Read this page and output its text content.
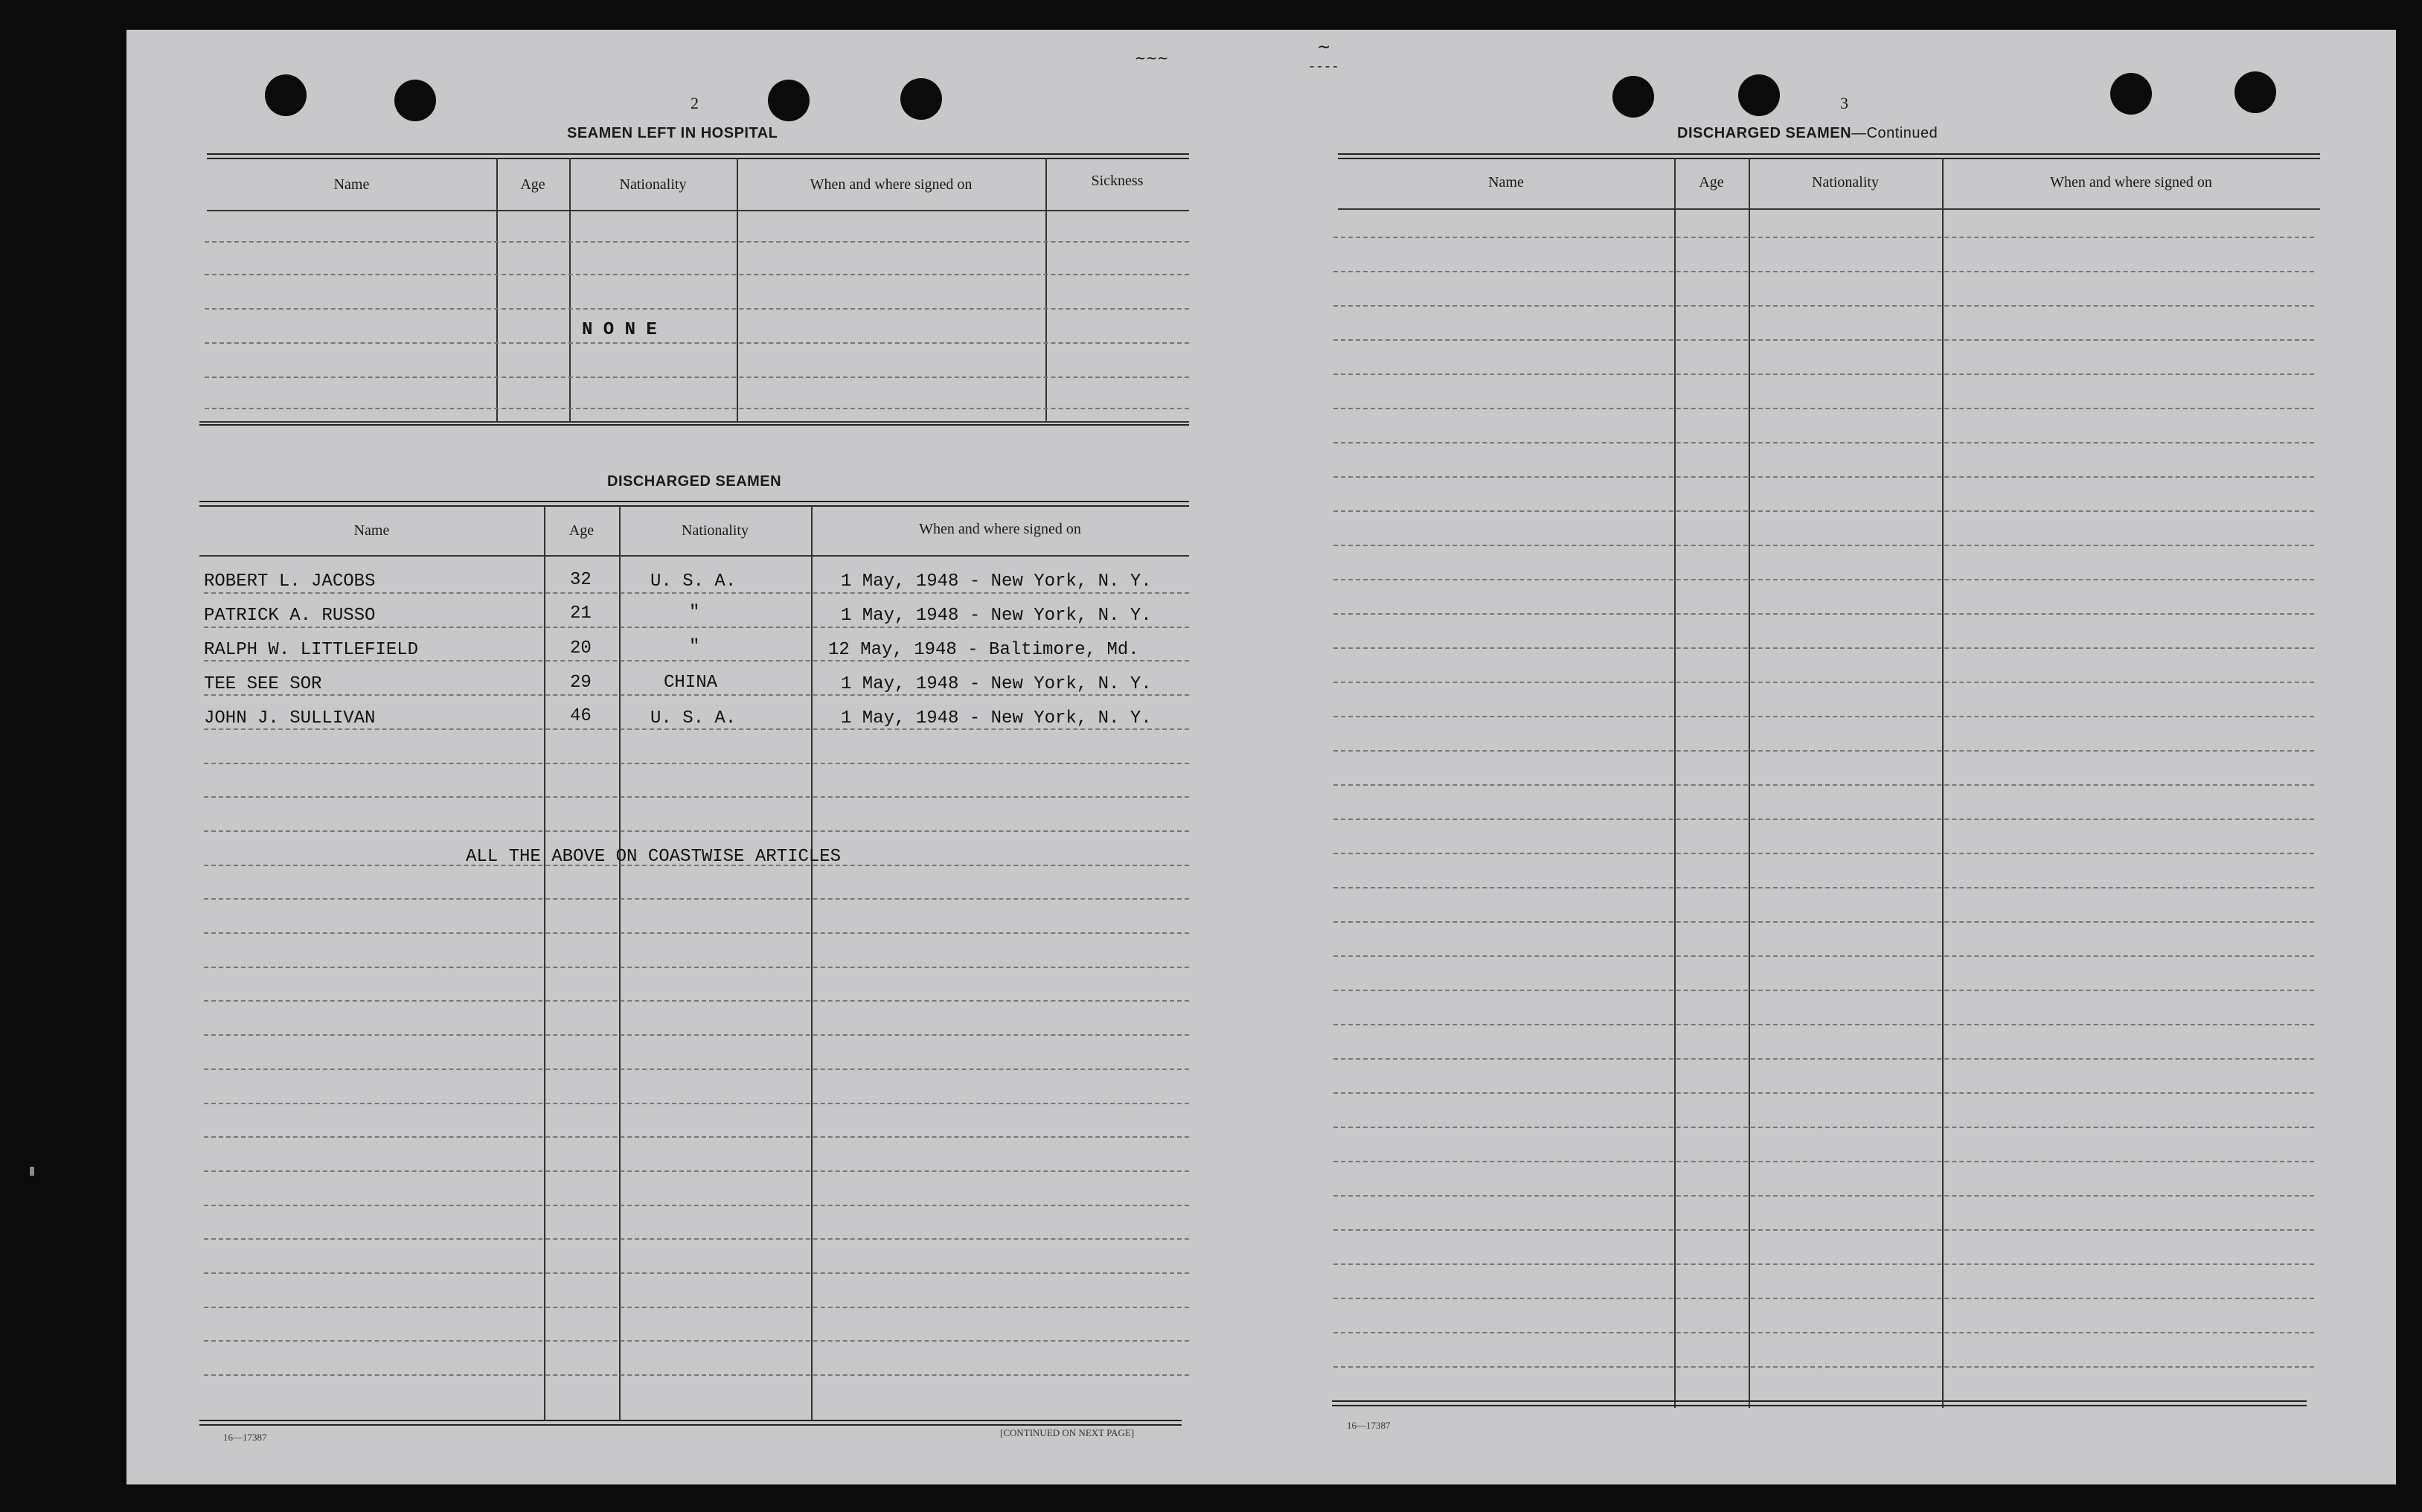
∼∼∼
∼
- - - -
2
SEAMEN LEFT IN HOSPITAL
Name	Age	Nationality	When and where signed on	Sickness
N O N E
DISCHARGED SEAMEN
Name	Age	Nationality	When and where signed on
ROBERT L. JACOBS	32	U. S. A.	1 May, 1948 - New York, N. Y.
PATRICK A. RUSSO	21	"	1 May, 1948 - New York, N. Y.
RALPH W. LITTLEFIELD	20	"	12 May, 1948 - Baltimore, Md.
TEE SEE SOR	29	CHINA	1 May, 1948 - New York, N. Y.
JOHN J. SULLIVAN	46	U. S. A.	1 May, 1948 - New York, N. Y.
ALL THE ABOVE ON COASTWISE ARTICLES
16—17387	[CONTINUED ON NEXT PAGE]
3
DISCHARGED SEAMEN—Continued
Name	Age	Nationality	When and where signed on
16—17387
